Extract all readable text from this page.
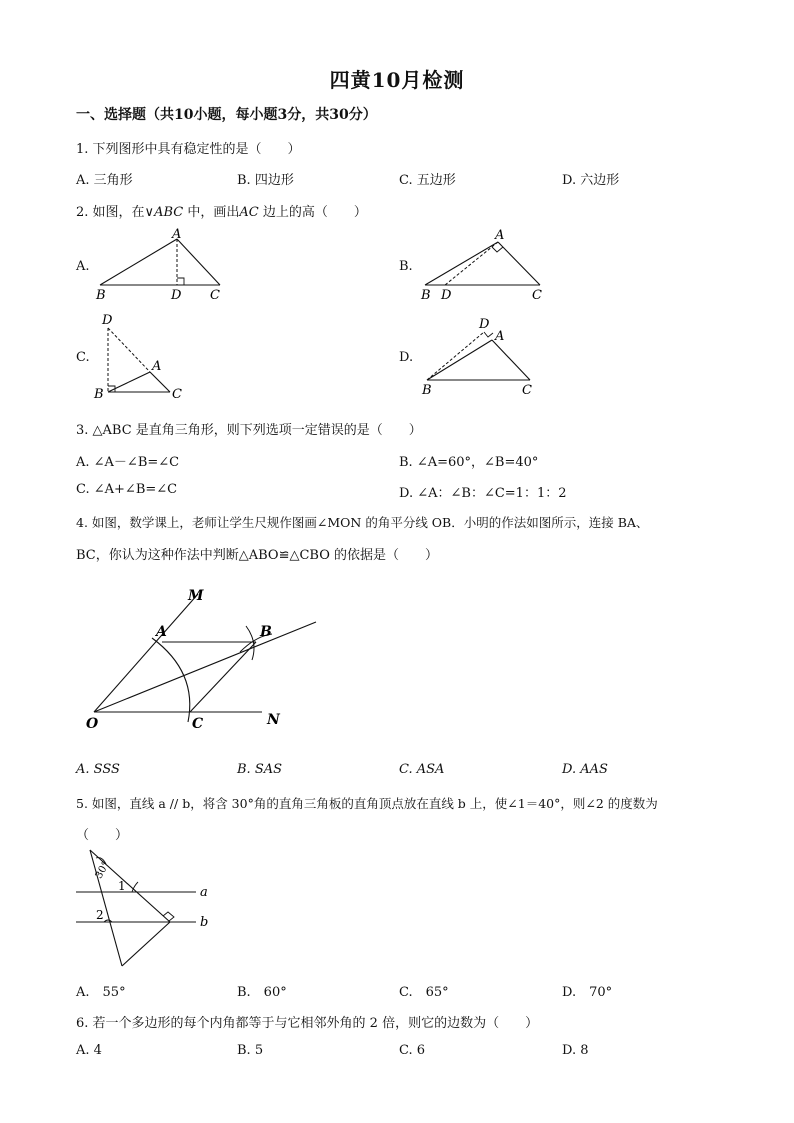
四黄10月检测
一、选择题（共10小题，每小题3分，共30分）
1. 下列图形中具有稳定性的是（　　）
A. 三角形	B. 四边形	C. 五边形	D. 六边形
2. 如图，在∨ABC 中，画出AC 边上的高（　　）
A.	B.
C.	D.
A
B	D C
A
B D	C
D
A
B	C
D
A
B	C
3. △ABC 是直角三角形，则下列选项一定错误的是（　　）
A. ∠A－∠B=∠C	B. ∠A=60°，∠B=40°
C. ∠A+∠B=∠C	D. ∠A：∠B：∠C=1：1：2
4. 如图，数学课上，老师让学生尺规作图画∠MON 的角平分线 OB．小明的作法如图所示，连接 BA、
BC，你认为这种作法中判断△ABO≌△CBO 的依据是（　　）
M
A	B
O	C	N
A. SSS	B. SAS	C. ASA	D. AAS
5. 如图，直线 a // b，将含 30°角的直角三角板的直角顶点放在直线 b 上，使∠1＝40°，则∠2 的度数为
（　　）
30°
1
2
a
b
A.　55°	B.　60°	C.　65°	D.　70°
6. 若一个多边形的每个内角都等于与它相邻外角的 2 倍，则它的边数为（　　）
A. 4	B. 5	C. 6	D. 8
